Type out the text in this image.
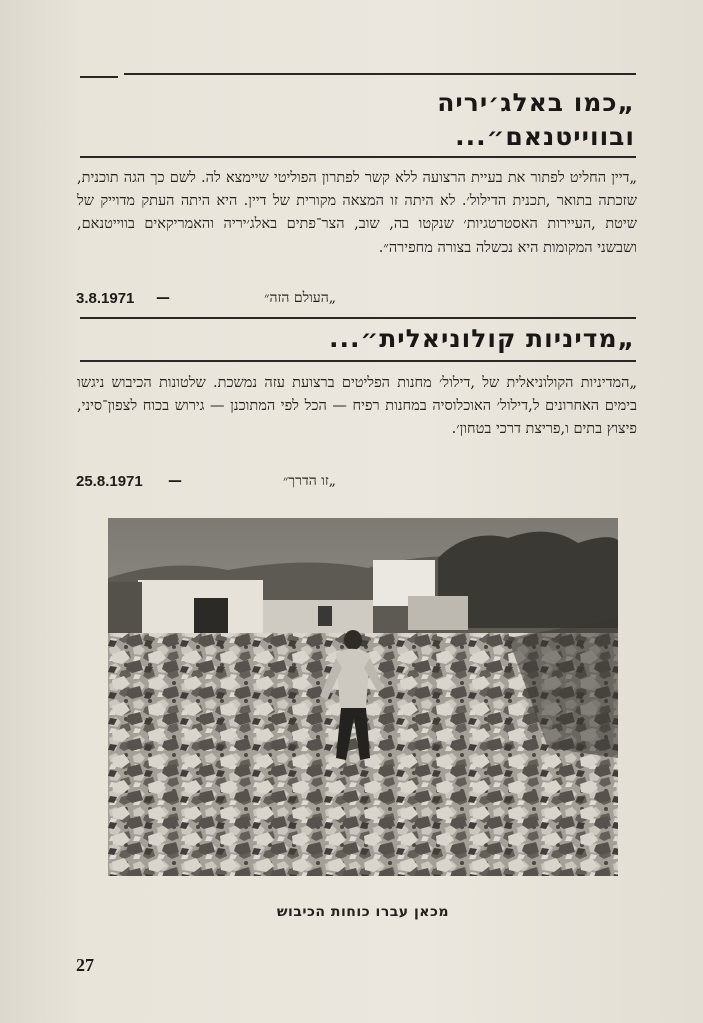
„כמו באלג׳יריה
ובווייטנאם״...

„דיין החליט לפתור את בעיית הרצועה ללא קשר לפתרון הפוליטי שיימצא לה. לשם כך הגה תוכנית, שזכתה בתואר ,תכנית הדילול׳. לא היתה זו המצאה מקורית של דיין. היא היתה העתק מדוייק של שיטת ,העיירות האסטרטגיות׳ שנקטו בה, שוב, הצר־פתים באלג׳יריה והאמריקאים בווייטנאם, ושבשני המקומות היא נכשלה בצורה מחפירה״.

„העולם הזה״
—
3.8.1971
„מדיניות קולוניאלית״...

„המדיניות הקולוניאלית של ,דילול׳ מחנות הפליטים ברצועת עזה נמשכת. שלטונות הכיבוש ניגשו בימים האחרונים ל,דילול׳ האוכלוסיה במחנות רפיח — הכל לפי המתוכנן — גירוש בכוח לצפון־סיני, פיצוץ בתים ו,פריצת דרכי בטחון׳.

„זו הדרך״
—
25.8.1971
מכאן עברו כוחות הכיבוש
27
